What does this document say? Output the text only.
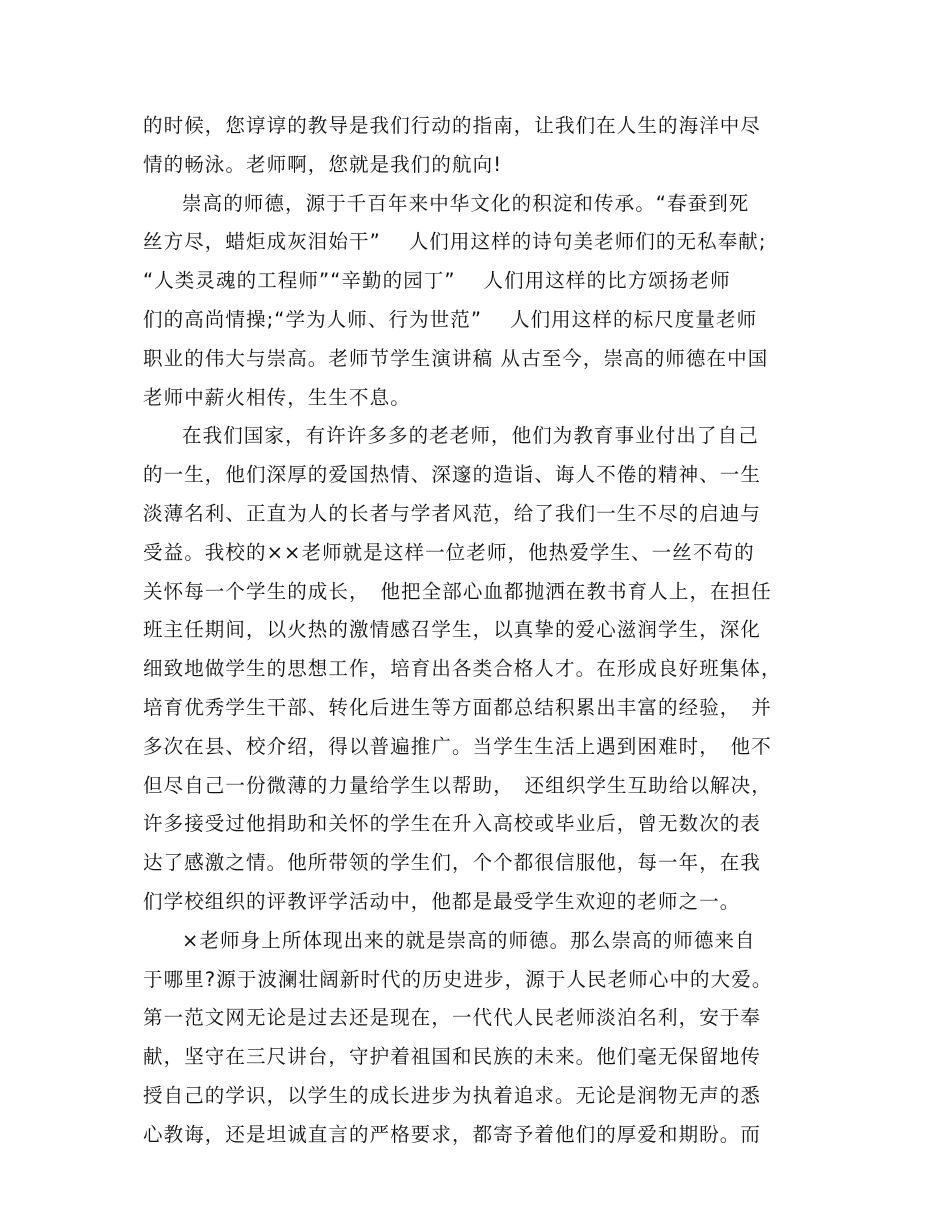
的时候，您谆谆的教导是我们行动的指南，让我们在人生的海洋中尽
情的畅泳。老师啊，您就是我们的航向!
崇高的师德，源于千百年来中华文化的积淀和传承。“春蚕到死
丝方尽，蜡炬成灰泪始干”　 人们用这样的诗句美老师们的无私奉献;
“人类灵魂的工程师”“辛勤的园丁”　 人们用这样的比方颂扬老师
们的高尚情操;“学为人师、行为世范”　 人们用这样的标尺度量老师
职业的伟大与崇高。老师节学生演讲稿 从古至今，崇高的师德在中国
老师中薪火相传，生生不息。
在我们国家，有许许多多的老老师，他们为教育事业付出了自己
的一生，他们深厚的爱国热情、深邃的造诣、诲人不倦的精神、一生
淡薄名利、正直为人的长者与学者风范，给了我们一生不尽的启迪与
受益。我校的××老师就是这样一位老师，他热爱学生、一丝不苟的
关怀每一个学生的成长，　他把全部心血都抛洒在教书育人上，在担任
班主任期间，以火热的激情感召学生，以真挚的爱心滋润学生，深化
细致地做学生的思想工作，培育出各类合格人才。在形成良好班集体，
培育优秀学生干部、转化后进生等方面都总结积累出丰富的经验，　并
多次在县、校介绍，得以普遍推广。当学生生活上遇到困难时，　他不
但尽自己一份微薄的力量给学生以帮助，　还组织学生互助给以解决，
许多接受过他捐助和关怀的学生在升入高校或毕业后，曾无数次的表
达了感激之情。他所带领的学生们，个个都很信服他，每一年，在我
们学校组织的评教评学活动中，他都是最受学生欢迎的老师之一。
×老师身上所体现出来的就是崇高的师德。那么崇高的师德来自
于哪里?源于波澜壮阔新时代的历史进步，源于人民老师心中的大爱。
第一范文网无论是过去还是现在，一代代人民老师淡泊名利，安于奉
献，坚守在三尺讲台，守护着祖国和民族的未来。他们毫无保留地传
授自己的学识，以学生的成长进步为执着追求。无论是润物无声的悉
心教诲，还是坦诚直言的严格要求，都寄予着他们的厚爱和期盼。而
